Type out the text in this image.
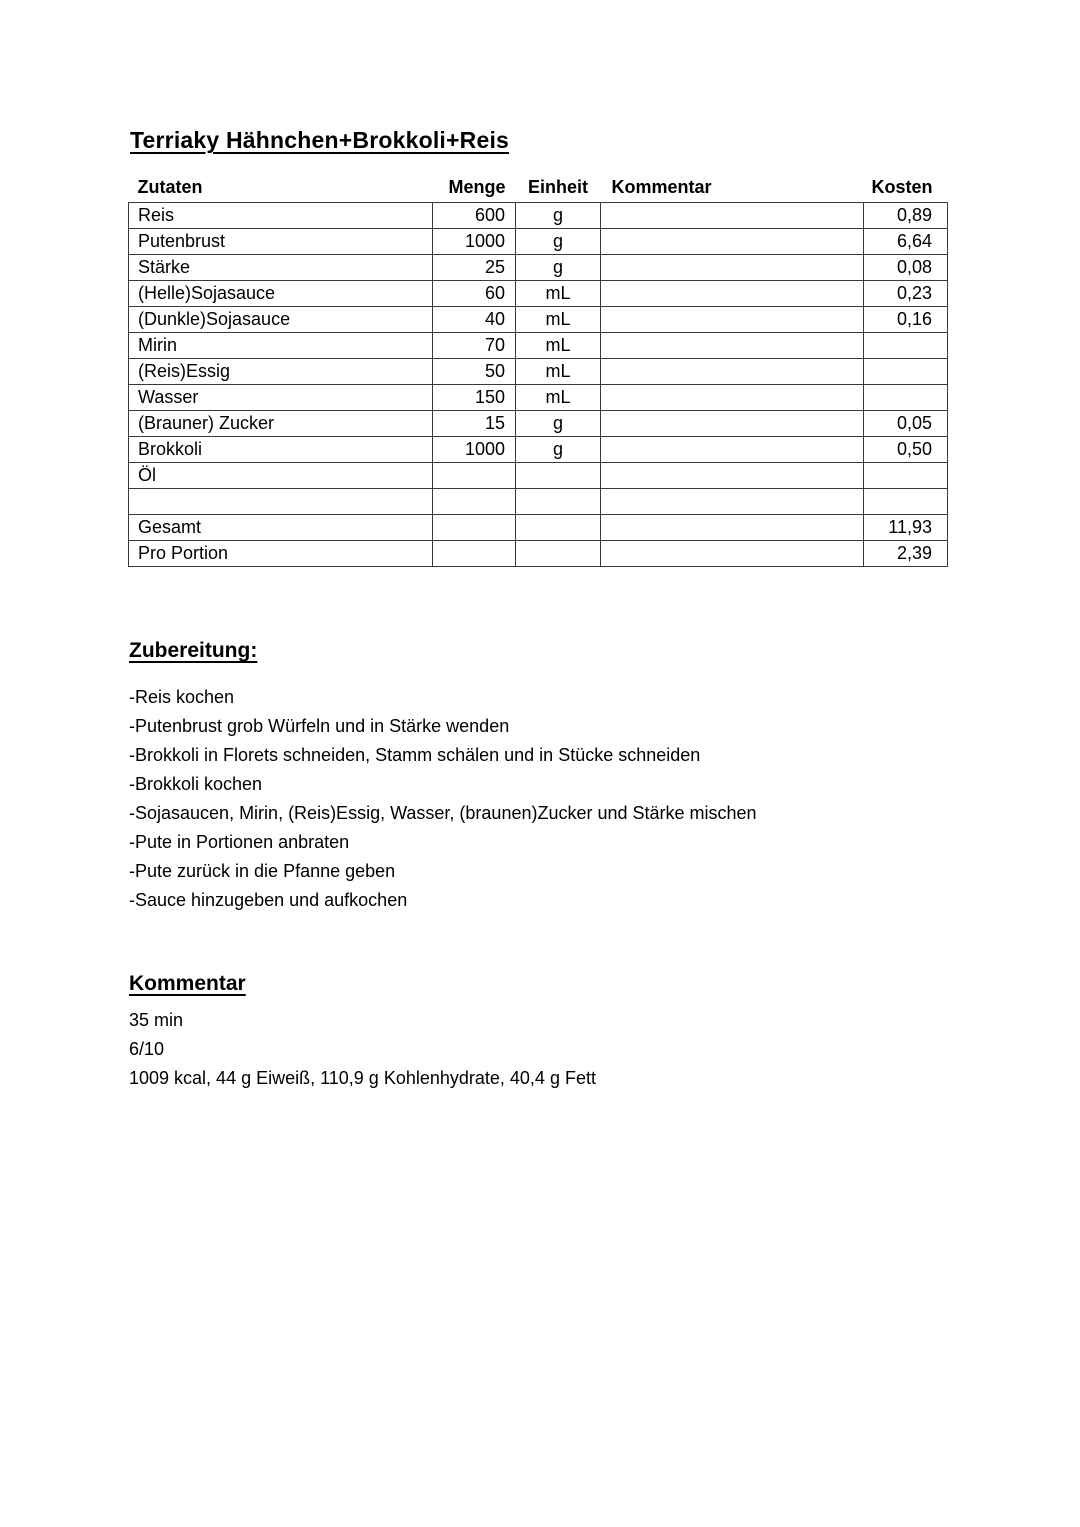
Terriaky Hähnchen+Brokkoli+Reis
Zutaten	Menge	Einheit	Kommentar	Kosten
Reis	600	g		0,89
Putenbrust	1000	g		6,64
Stärke	25	g		0,08
(Helle)Sojasauce	60	mL		0,23
(Dunkle)Sojasauce	40	mL		0,16
Mirin	70	mL		
(Reis)Essig	50	mL		
Wasser	150	mL		
(Brauner) Zucker	15	g		0,05
Brokkoli	1000	g		0,50
Öl				

Gesamt				11,93
Pro Portion				2,39
Zubereitung:
-Reis kochen
-Putenbrust grob Würfeln und in Stärke wenden
-Brokkoli in Florets schneiden, Stamm schälen und in Stücke schneiden
-Brokkoli kochen
-Sojasaucen, Mirin, (Reis)Essig, Wasser, (braunen)Zucker und Stärke mischen
-Pute in Portionen anbraten
-Pute zurück in die Pfanne geben
-Sauce hinzugeben und aufkochen
Kommentar
35 min
6/10
1009 kcal, 44 g Eiweiß, 110,9 g Kohlenhydrate, 40,4 g Fett
